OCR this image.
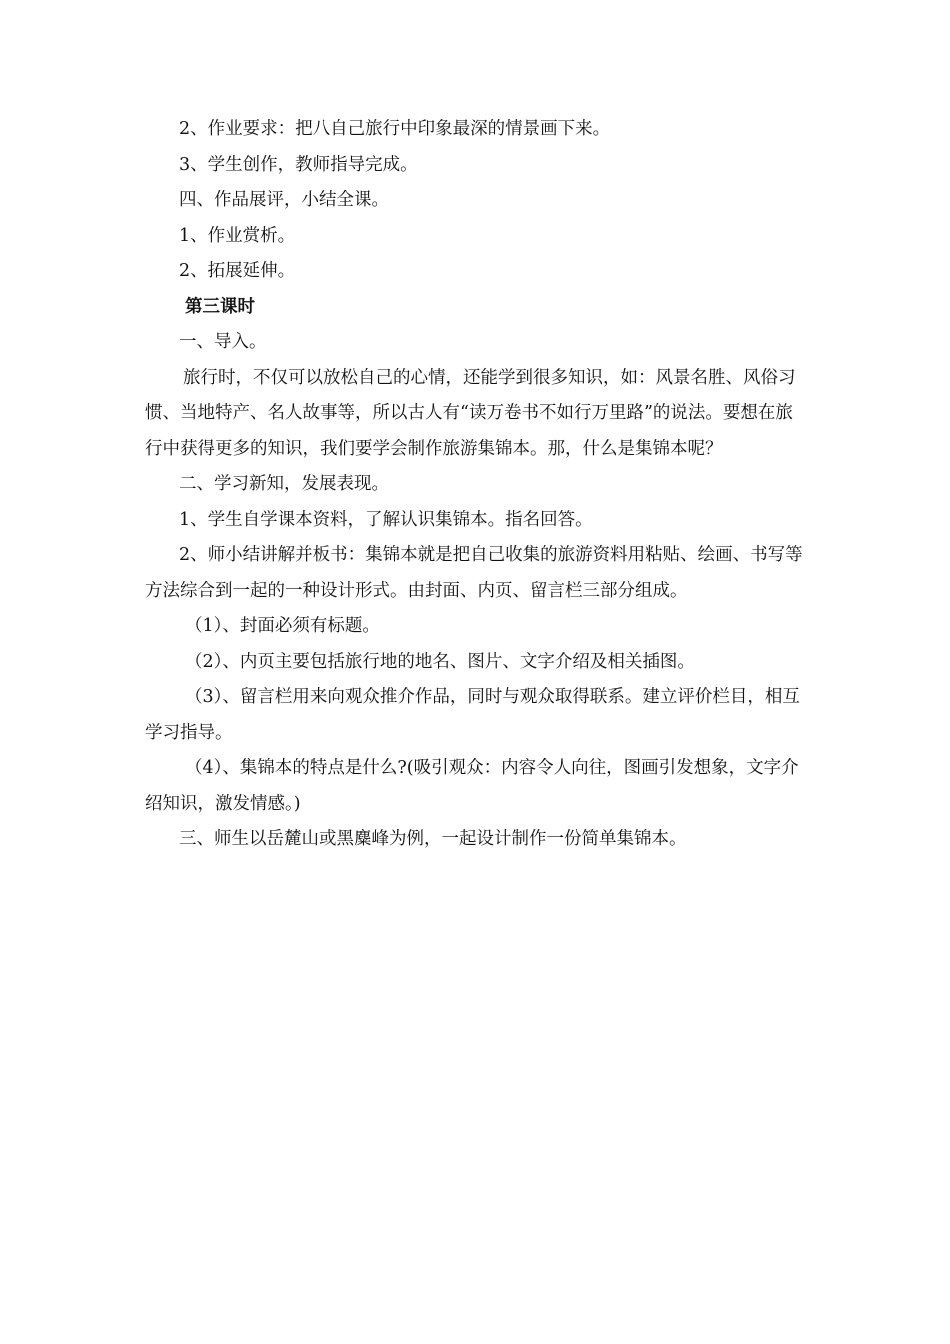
2、作业要求：把八自己旅行中印象最深的情景画下来。

3、学生创作，教师指导完成。

四、作品展评，小结全课。

1、作业赏析。

2、拓展延伸。

第三课时

一、导入。

旅行时，不仅可以放松自己的心情，还能学到很多知识，如：风景名胜、风俗习惯、当地特产、名人故事等，所以古人有“读万卷书不如行万里路”的说法。要想在旅行中获得更多的知识，我们要学会制作旅游集锦本。那，什么是集锦本呢？

二、学习新知，发展表现。

1、学生自学课本资料，了解认识集锦本。指名回答。

2、师小结讲解并板书：集锦本就是把自己收集的旅游资料用粘贴、绘画、书写等方法综合到一起的一种设计形式。由封面、内页、留言栏三部分组成。

（1）、封面必须有标题。

（2）、内页主要包括旅行地的地名、图片、文字介绍及相关插图。

（3）、留言栏用来向观众推介作品，同时与观众取得联系。建立评价栏目，相互学习指导。

（4）、集锦本的特点是什么?(吸引观众：内容令人向往，图画引发想象，文字介绍知识，激发情感。)

三、师生以岳麓山或黑麋峰为例，一起设计制作一份简单集锦本。
